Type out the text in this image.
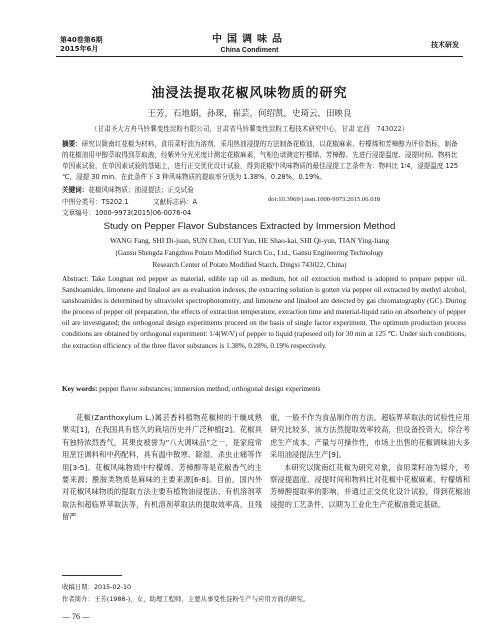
第40卷第6期
2015年6月
中国调味品
China Condiment
技术研发
油浸法提取花椒风味物质的研究
王芳，石地娟，孙琛，崔芸，何绍凯，史琦云，田映良
（甘肃圣大方舟马铃薯变性淀粉有限公司，甘肃省马铃薯变性淀粉工程技术研究中心，甘肃 定西　743022）
摘要：研究以陇南红花椒为材料，食用菜籽油为溶剂，采用热油浸提的方法制备花椒油，以花椒麻素、柠檬烯和芳樟醇为评价指标，制备的花椒油用甲醇萃取得到萃取液，经紫外分光光度计测定花椒麻素，气相色谱测定柠檬烯、芳樟醇。先进行浸提温度、浸提时间、物料比单因素试验，在单因素试验的基础上，进行正交优化设计试验，得到花椒中风味物质的最佳浸提工艺条件为：物料比 1∶4，浸提温度 125 ℃，浸提 30 min。在此条件下 3 种风味物质的提取率分别为 1.38%，0.28%，0.19%。
关键词：花椒风味物质；油浸提法；正交试验
中图分类号：TS202.1	文献标志码：A	doi:10.3969/j.issn.1000-9973.2015.06.018
文章编号：1000-9973(2015)06-0076-04
Study on Pepper Flavor Substances Extracted by Immersion Method
WANG Fang, SHI Di-juan, SUN Chen, CUI Yun, HE Shao-kai, SHI Qi-yun, TIAN Ying-liang
(Gansu Shengda Fangzhou Potato Modified Starch Co., Ltd., Gansu Engineering Technology
Research Center of Potato Modified Starch, Dingxi 743022, China)
Abstract: Take Longnan red pepper as material, edible rap oil as medium, hot oil extraction method is adopted to prepare pepper oil. Sanshoamides, limonene and linalool are as evaluation indexes, the extracting solution is gotten via pepper oil extracted by methyl alcohol, sanshoamides is determined by ultraviolet spectrophotometry, and limonene and linalool are detected by gas chromatography (GC). During the process of pepper oil preparation, the effects of extraction temperature, extraction time and material-liquid ratio on absorbency of pepper oil are investigated; the orthogonal design experiments proceed on the basis of single factor experiment. The optimum production process conditions are obtained by orthogonal experiment: 1/4(W/V) of pepper to liquid (rapeseed oil) for 30 min at 125 ℃. Under such conditions, the extraction efficiency of the three flavor substances is 1.38%, 0.28%, 0.19% respectively.
Key words: pepper flavor substances; immersion method; orthogonal design experiments

花椒(Zanthoxylum L.)属芸香科植物花椒树的干燥成熟果实[1]，在我国具有悠久的栽培历史并广泛种植[2]。花椒具有独特浓烈香气，其果皮被誉为“八大调味品”之一，是家庭常用烹饪调料和中药配料，具有温中散寒、除湿、杀虫止痛等作用[3-5]。花椒风味物质中柠檬烯、芳樟醇等是花椒香气的主要来源；酰胺类物质是麻味的主要来源[6-8]。目前，国内外对花椒风味物质的提取方法主要有植物油浸提法、有机溶剂萃取法和超临界萃取法等，有机溶剂萃取法的提取效率高，且残留严

重，一般不作为食品制作的方法。超临界萃取法的试验性应用研究比较多，该方法然提取效率较高，但设备投资大，综合考虑生产成本、产量与可操作性，市场上出售的花椒调味油大多采用油浸提法生产[9]。

本研究以陇南红花椒为研究对象，食用菜籽油为媒介，考察浸提温度、浸提时间和物料比对花椒中花椒麻素、柠檬烯和芳樟醇提取率的影响，并通过正交优化设计试验，得到花椒油浸提的工艺条件，以期为工业化生产花椒油奠定基础。

收稿日期：2015-02-10
作者简介：王芳(1988-)，女，助理工程师，主要从事变性淀粉生产与应用方面的研究。
— 76 —
